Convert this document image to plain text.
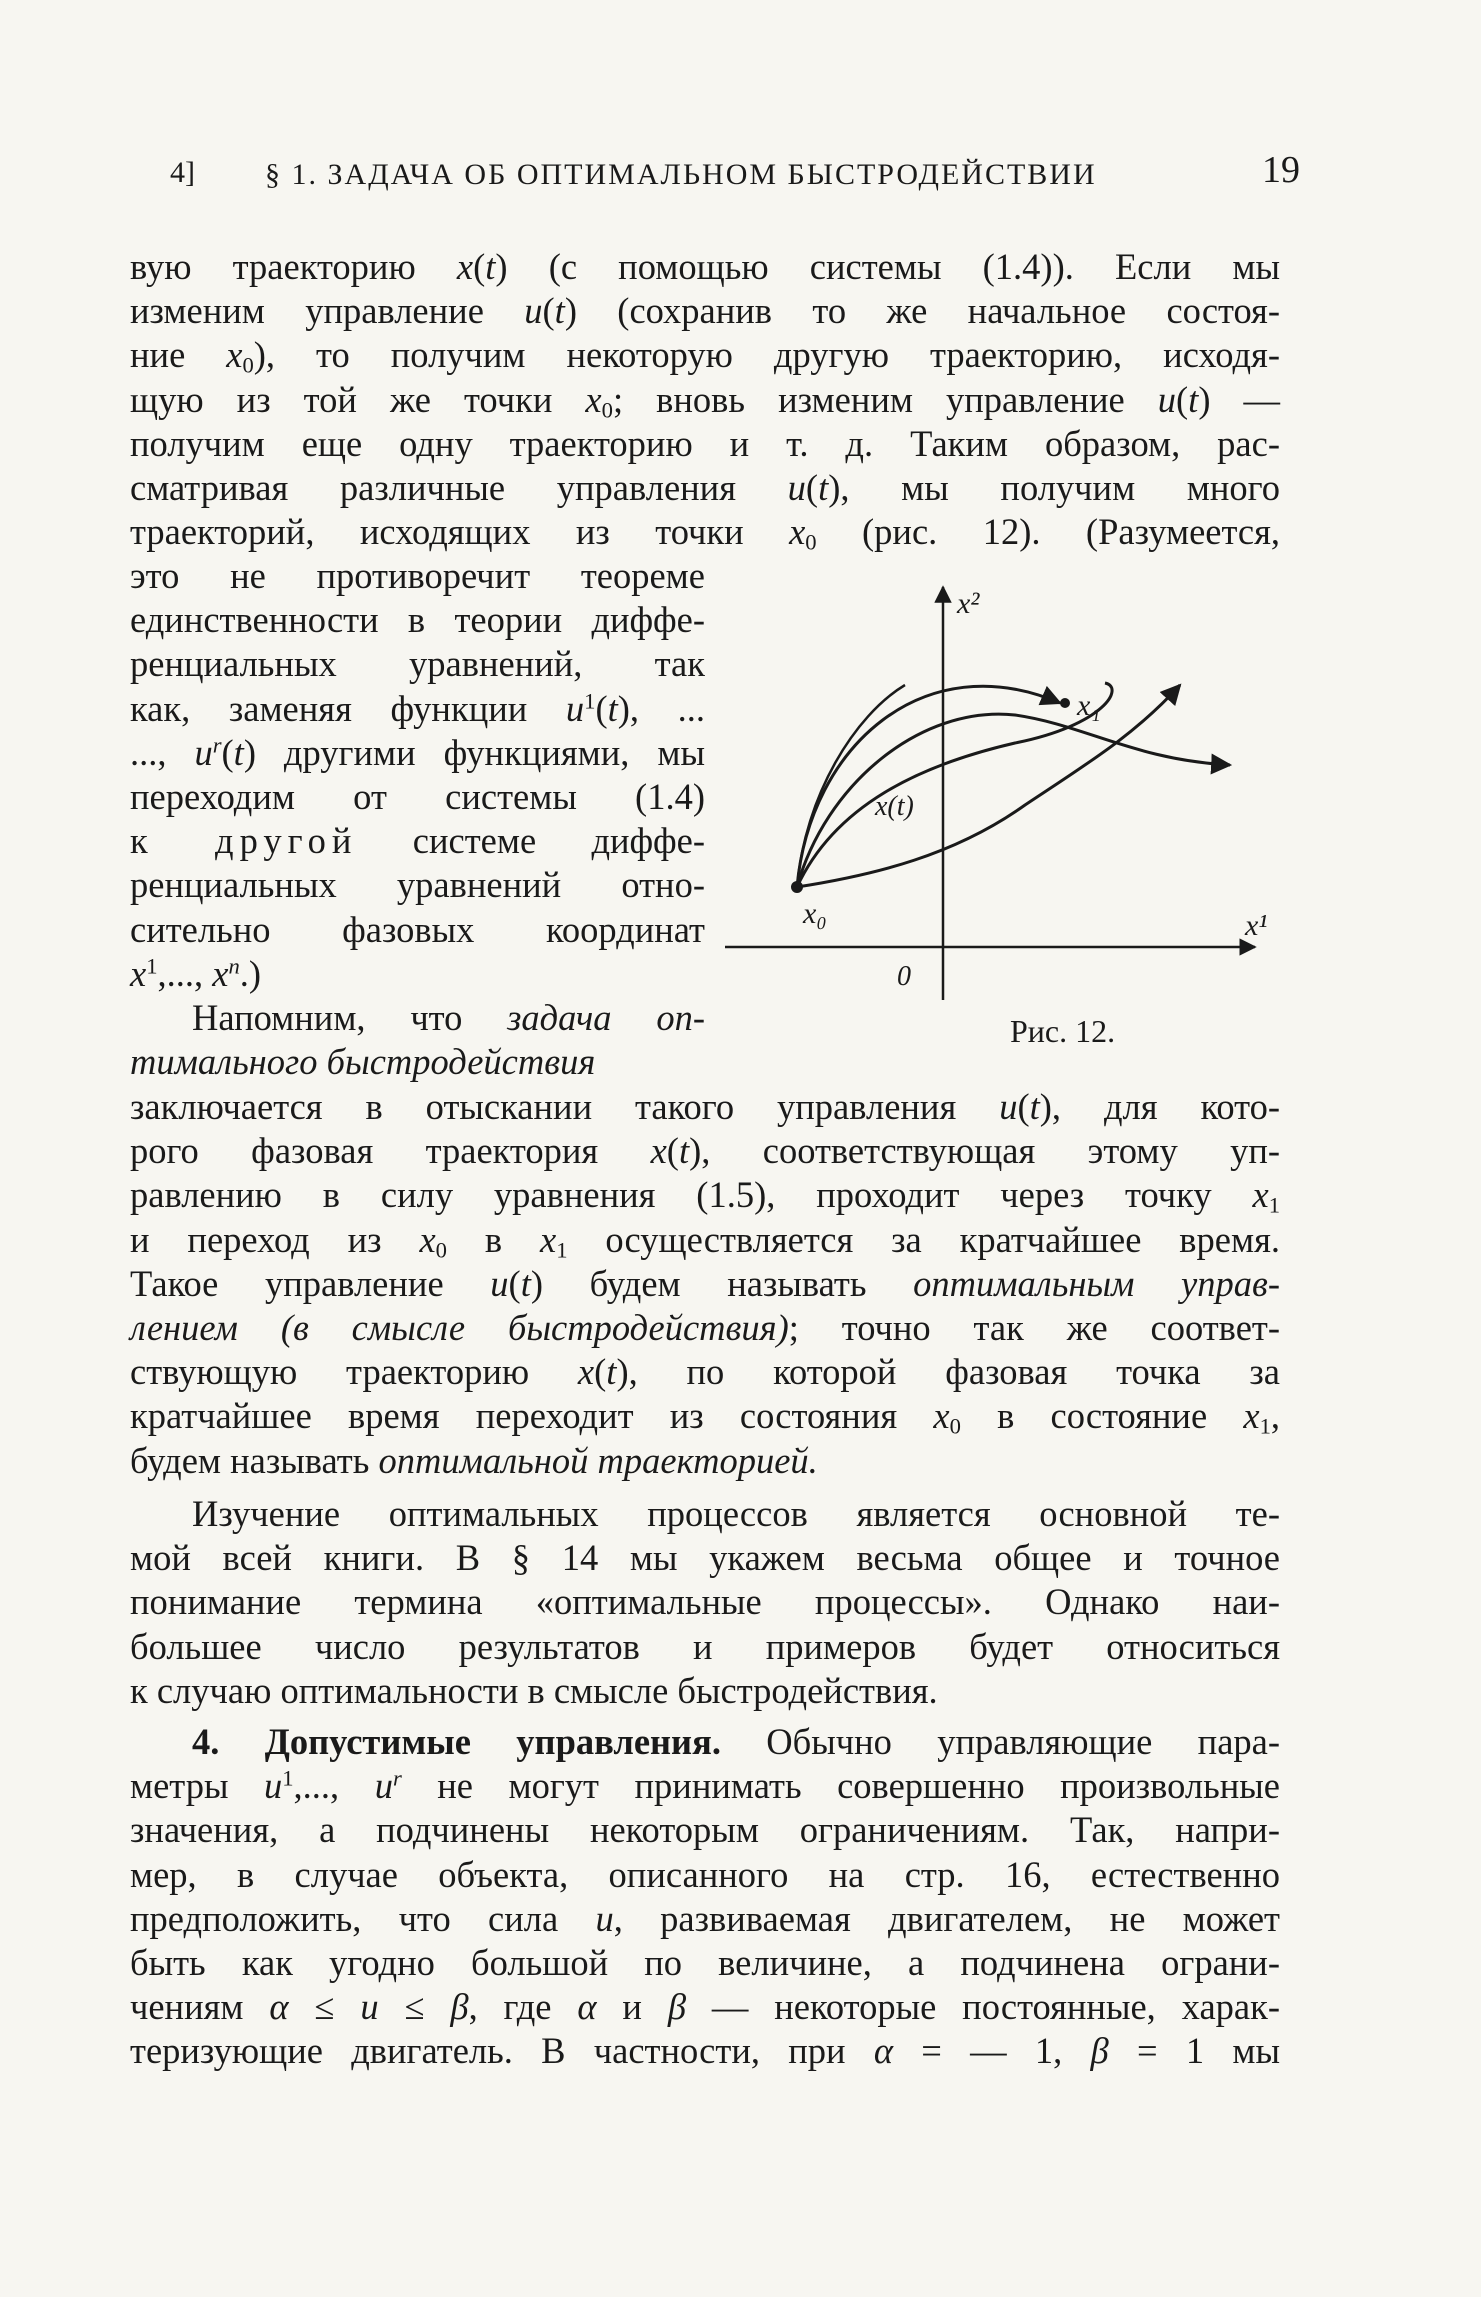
4] § 1. ЗАДАЧА ОБ ОПТИМАЛЬНОМ БЫСТРОДЕЙСТВИИ	19
вую траекторию x(t) (с помощью системы (1.4)). Если мы
изменим управление u(t) (сохранив то же начальное состоя-
ние $x_0$), то получим некоторую другую траекторию, исходя-
щую из той же точки $x_0$; вновь изменим управление u(t) —
получим еще одну траекторию и т. д. Таким образом, рас-
сматривая различные управления u(t), мы получим много
траекторий, исходящих из точки $x_0$ (рис. 12). (Разумеется,
это не противоречит теореме
единственности в теории диффе-
ренциальных уравнений, так
как, заменяя функции $u^1(t)$, ...
..., $u^r(t)$ другими функциями, мы
переходим от системы (1.4)
к другой системе диффе-
ренциальных уравнений отно-
сительно фазовых координат
$x^1$,..., $x^n$.)
Напомним, что задача оп-
тимального быстродействия
заключается в отыскании такого управления u(t), для кото-
рого фазовая траектория x(t), соответствующая этому уп-
равлению в силу уравнения (1.5), проходит через точку $x_1$
и переход из $x_0$ в $x_1$ осуществляется за кратчайшее время.
Такое управление u(t) будем называть оптимальным управ-
лением (в смысле быстродействия); точно так же соответ-
ствующую траекторию x(t), по которой фазовая точка за
кратчайшее время переходит из состояния $x_0$ в состояние $x_1$,
будем называть оптимальной траекторией.
Изучение оптимальных процессов является основной те-
мой всей книги. В § 14 мы укажем весьма общее и точное
понимание термина «оптимальные процессы». Однако наи-
большее число результатов и примеров будет относиться
к случаю оптимальности в смысле быстродействия.
4. Допустимые управления. Обычно управляющие пара-
метры $u^1$,..., $u^r$ не могут принимать совершенно произвольные
значения, а подчинены некоторым ограничениям. Так, напри-
мер, в случае объекта, описанного на стр. 16, естественно
предположить, что сила u, развиваемая двигателем, не может
быть как угодно большой по величине, а подчинена ограни-
чениям α ≤ u ≤ β, где α и β — некоторые постоянные, харак-
теризующие двигатель. В частности, при α = — 1, β = 1 мы
x²
x¹
0
x₀
x₁
x(t)
Рис. 12.
